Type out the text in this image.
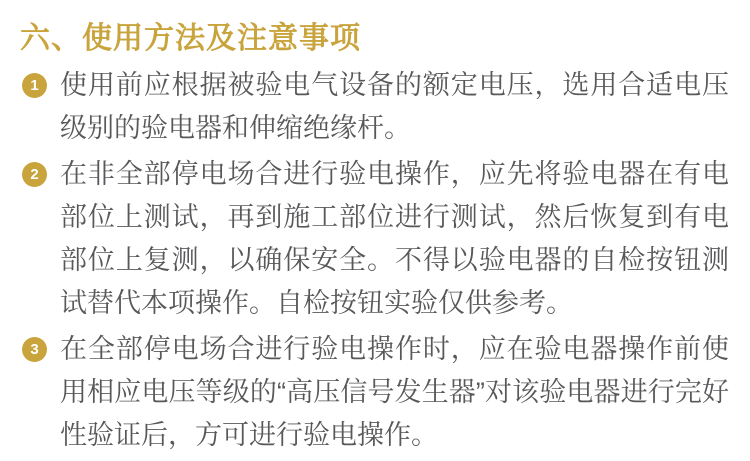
六、使用方法及注意事项
1 使用前应根据被验电气设备的额定电压，选用合适电压级别的验电器和伸缩绝缘杆。

2 在非全部停电场合进行验电操作，应先将验电器在有电部位上测试，再到施工部位进行测试，然后恢复到有电部位上复测，以确保安全。不得以验电器的自检按钮测试替代本项操作。自检按钮实验仅供参考。

3 在全部停电场合进行验电操作时，应在验电器操作前使用相应电压等级的“高压信号发生器”对该验电器进行完好性验证后，方可进行验电操作。
